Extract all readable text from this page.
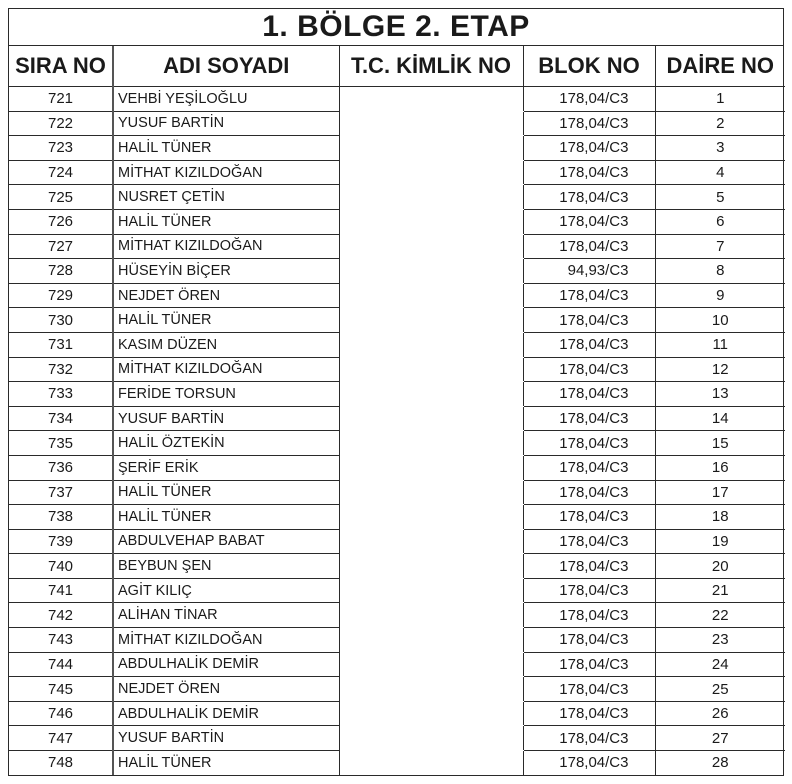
1. BÖLGE 2. ETAP
SIRA NO	ADI SOYADI	T.C. KİMLİK NO	BLOK NO	DAİRE NO
721	VEHBİ YEŞİLOĞLU		178,04/C3	1
722	YUSUF BARTİN		178,04/C3	2
723	HALİL TÜNER		178,04/C3	3
724	MİTHAT KIZILDOĞAN		178,04/C3	4
725	NUSRET ÇETİN		178,04/C3	5
726	HALİL TÜNER		178,04/C3	6
727	MİTHAT KIZILDOĞAN		178,04/C3	7
728	HÜSEYİN BİÇER		94,93/C3	8
729	NEJDET ÖREN		178,04/C3	9
730	HALİL TÜNER		178,04/C3	10
731	KASIM DÜZEN		178,04/C3	11
732	MİTHAT KIZILDOĞAN		178,04/C3	12
733	FERİDE TORSUN		178,04/C3	13
734	YUSUF BARTİN		178,04/C3	14
735	HALİL ÖZTEKİN		178,04/C3	15
736	ŞERİF ERİK		178,04/C3	16
737	HALİL TÜNER		178,04/C3	17
738	HALİL TÜNER		178,04/C3	18
739	ABDULVEHAP BABAT		178,04/C3	19
740	BEYBUN ŞEN		178,04/C3	20
741	AGİT KILIÇ		178,04/C3	21
742	ALİHAN TİNAR		178,04/C3	22
743	MİTHAT KIZILDOĞAN		178,04/C3	23
744	ABDULHALİK DEMİR		178,04/C3	24
745	NEJDET ÖREN		178,04/C3	25
746	ABDULHALİK DEMİR		178,04/C3	26
747	YUSUF BARTİN		178,04/C3	27
748	HALİL TÜNER		178,04/C3	28
